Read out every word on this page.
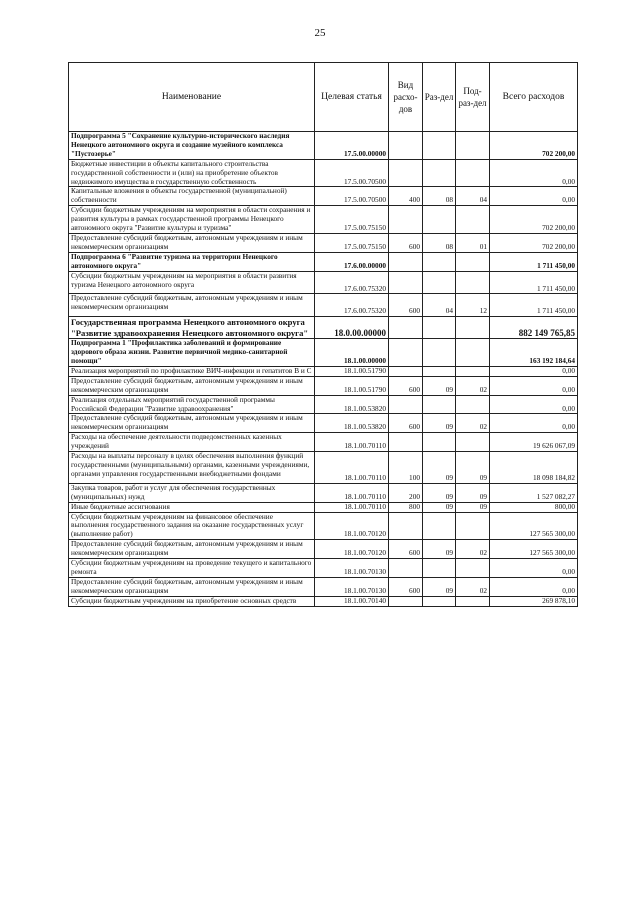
25
Наименование	Целевая статья	Вид расхо-дов	Раз-дел	Под-раз-дел	Всего расходов
Подпрограмма 5 "Сохранение культурно-исторического наследия Ненецкого автономного округа и создание музейного комплекса "Пустозерье"	17.5.00.00000				702 200,00
Бюджетные инвестиции в объекты капитального строительства государственной собственности и (или) на приобретение объектов недвижимого имущества в государственную собственность	17.5.00.70500				0,00
Капитальные вложения в объекты государственной (муниципальной) собственности	17.5.00.70500	400	08	04	0,00
Субсидии бюджетным учреждениям на мероприятия в области сохранения и развития культуры в рамках государственной программы Ненецкого автономного округа "Развитие культуры и туризма"	17.5.00.75150				702 200,00
Предоставление субсидий бюджетным, автономным учреждениям и иным некоммерческим организациям	17.5.00.75150	600	08	01	702 200,00
Подпрограмма 6 "Развитие туризма на территории Ненецкого автономного округа"	17.6.00.00000				1 711 450,00
Субсидии бюджетным учреждениям на мероприятия в области развития туризма Ненецкого автономного округа	17.6.00.75320				1 711 450,00
Предоставление субсидий бюджетным, автономным учреждениям и иным некоммерческим организациям	17.6.00.75320	600	04	12	1 711 450,00
Государственная программа Ненецкого автономного округа "Развитие здравоохранения Ненецкого автономного округа"	18.0.00.00000				882 149 765,85
Подпрограмма 1 "Профилактика заболеваний и формирование здорового образа жизни. Развитие первичной медико-санитарной помощи"	18.1.00.00000				163 192 184,64
Реализация мероприятий по профилактике ВИЧ-инфекции и гепатитов В и С	18.1.00.51790				0,00
Предоставление субсидий бюджетным, автономным учреждениям и иным некоммерческим организациям	18.1.00.51790	600	09	02	0,00
Реализация отдельных мероприятий государственной программы Российской Федерации "Развитие здравоохранения"	18.1.00.53820				0,00
Предоставление субсидий бюджетным, автономным учреждениям и иным некоммерческим организациям	18.1.00.53820	600	09	02	0,00
Расходы на обеспечение деятельности подведомственных казенных учреждений	18.1.00.70110				19 626 067,09
Расходы на выплаты персоналу в целях обеспечения выполнения функций государственными (муниципальными) органами, казенными учреждениями, органами управления государственными внебюджетными фондами	18.1.00.70110	100	09	09	18 098 184,82
Закупка товаров, работ и услуг для обеспечения государственных (муниципальных) нужд	18.1.00.70110	200	09	09	1 527 082,27
Иные бюджетные ассигнования	18.1.00.70110	800	09	09	800,00
Субсидии бюджетным учреждениям на финансовое обеспечение выполнения государственного задания на оказание государственных услуг (выполнение работ)	18.1.00.70120				127 565 300,00
Предоставление субсидий бюджетным, автономным учреждениям и иным некоммерческим организациям	18.1.00.70120	600	09	02	127 565 300,00
Субсидии бюджетным учреждениям на проведение текущего и капитального ремонта	18.1.00.70130				0,00
Предоставление субсидий бюджетным, автономным учреждениям и иным некоммерческим организациям	18.1.00.70130	600	09	02	0,00
Субсидии бюджетным учреждениям на приобретение основных средств	18.1.00.70140				269 878,10
